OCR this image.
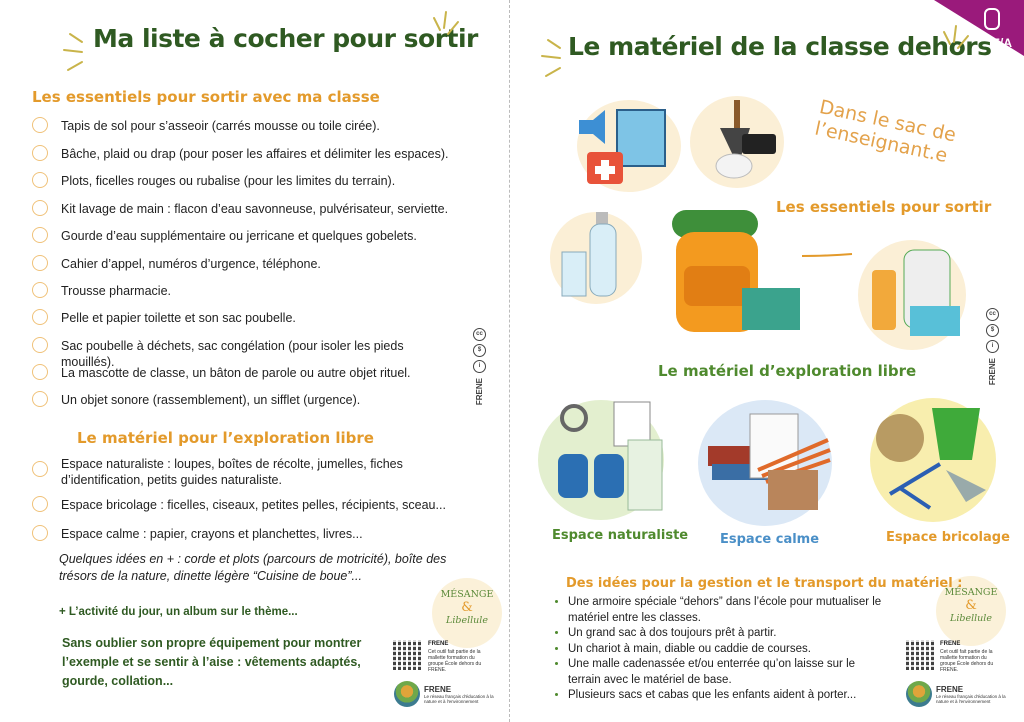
Ma liste à cocher pour sortir
Les essentiels pour sortir avec ma classe
Tapis de sol pour s’asseoir (carrés mousse ou toile cirée).
Bâche, plaid ou drap (pour poser les affaires et délimiter les espaces).
Plots, ficelles rouges ou rubalise (pour les limites du terrain).
Kit lavage de main : flacon d’eau savonneuse, pulvérisateur, serviette.
Gourde d’eau supplémentaire ou jerricane et quelques gobelets.
Cahier d’appel, numéros d’urgence, téléphone.
Trousse pharmacie.
Pelle et papier toilette et son sac poubelle.
Sac poubelle à déchets, sac congélation (pour isoler les pieds mouillés).
La mascotte de classe, un bâton de parole ou autre objet rituel.
Un objet sonore (rassemblement), un sifflet (urgence).
Le matériel pour l’exploration libre
Espace naturaliste : loupes, boîtes de récolte, jumelles, fiches d’identification, petits guides naturaliste.
Espace bricolage : ficelles, ciseaux, petites pelles, récipients, sceau...
Espace calme : papier, crayons et planchettes, livres...
Quelques idées en + : corde et plots (parcours de motricité), boîte des trésors de la nature, dinette légère “Cuisine de boue”...
+ L’activité du jour, un album sur le thème...
Sans oublier son propre équipement pour montrer l’exemple et se sentir à l’aise : vêtements adaptés, gourde, collation...
cc
$
i
FRENE
MÉSANGE
&
Libellule
FRENE
Cet outil fait partie de la mallette formation du groupe École dehors du FRENE.
FRENE
Le réseau français d'éducation à la nature et à l'environnement
E/A
Le matériel de la classe dehors
Dans le sac de l’enseignant.e
Les essentiels pour sortir
cc
$
i
FRENE
Le matériel d’exploration libre
Espace naturaliste Espace calme	Espace bricolage
MÉSANGE
&
Libellule
FRENE
Cet outil fait partie de la mallette formation du groupe École dehors du FRENE.
FRENE
Le réseau français d'éducation à la nature et à l'environnement
Des idées pour la gestion et le transport du matériel :
• Une armoire spéciale “dehors” dans l’école pour mutualiser le matériel entre les classes.
• Un grand sac à dos toujours prêt à partir.
• Un chariot à main, diable ou caddie de courses.
• Une malle cadenassée et/ou enterrée qu’on laisse sur le terrain avec le matériel de base.
• Plusieurs sacs et cabas que les enfants aident à porter...
